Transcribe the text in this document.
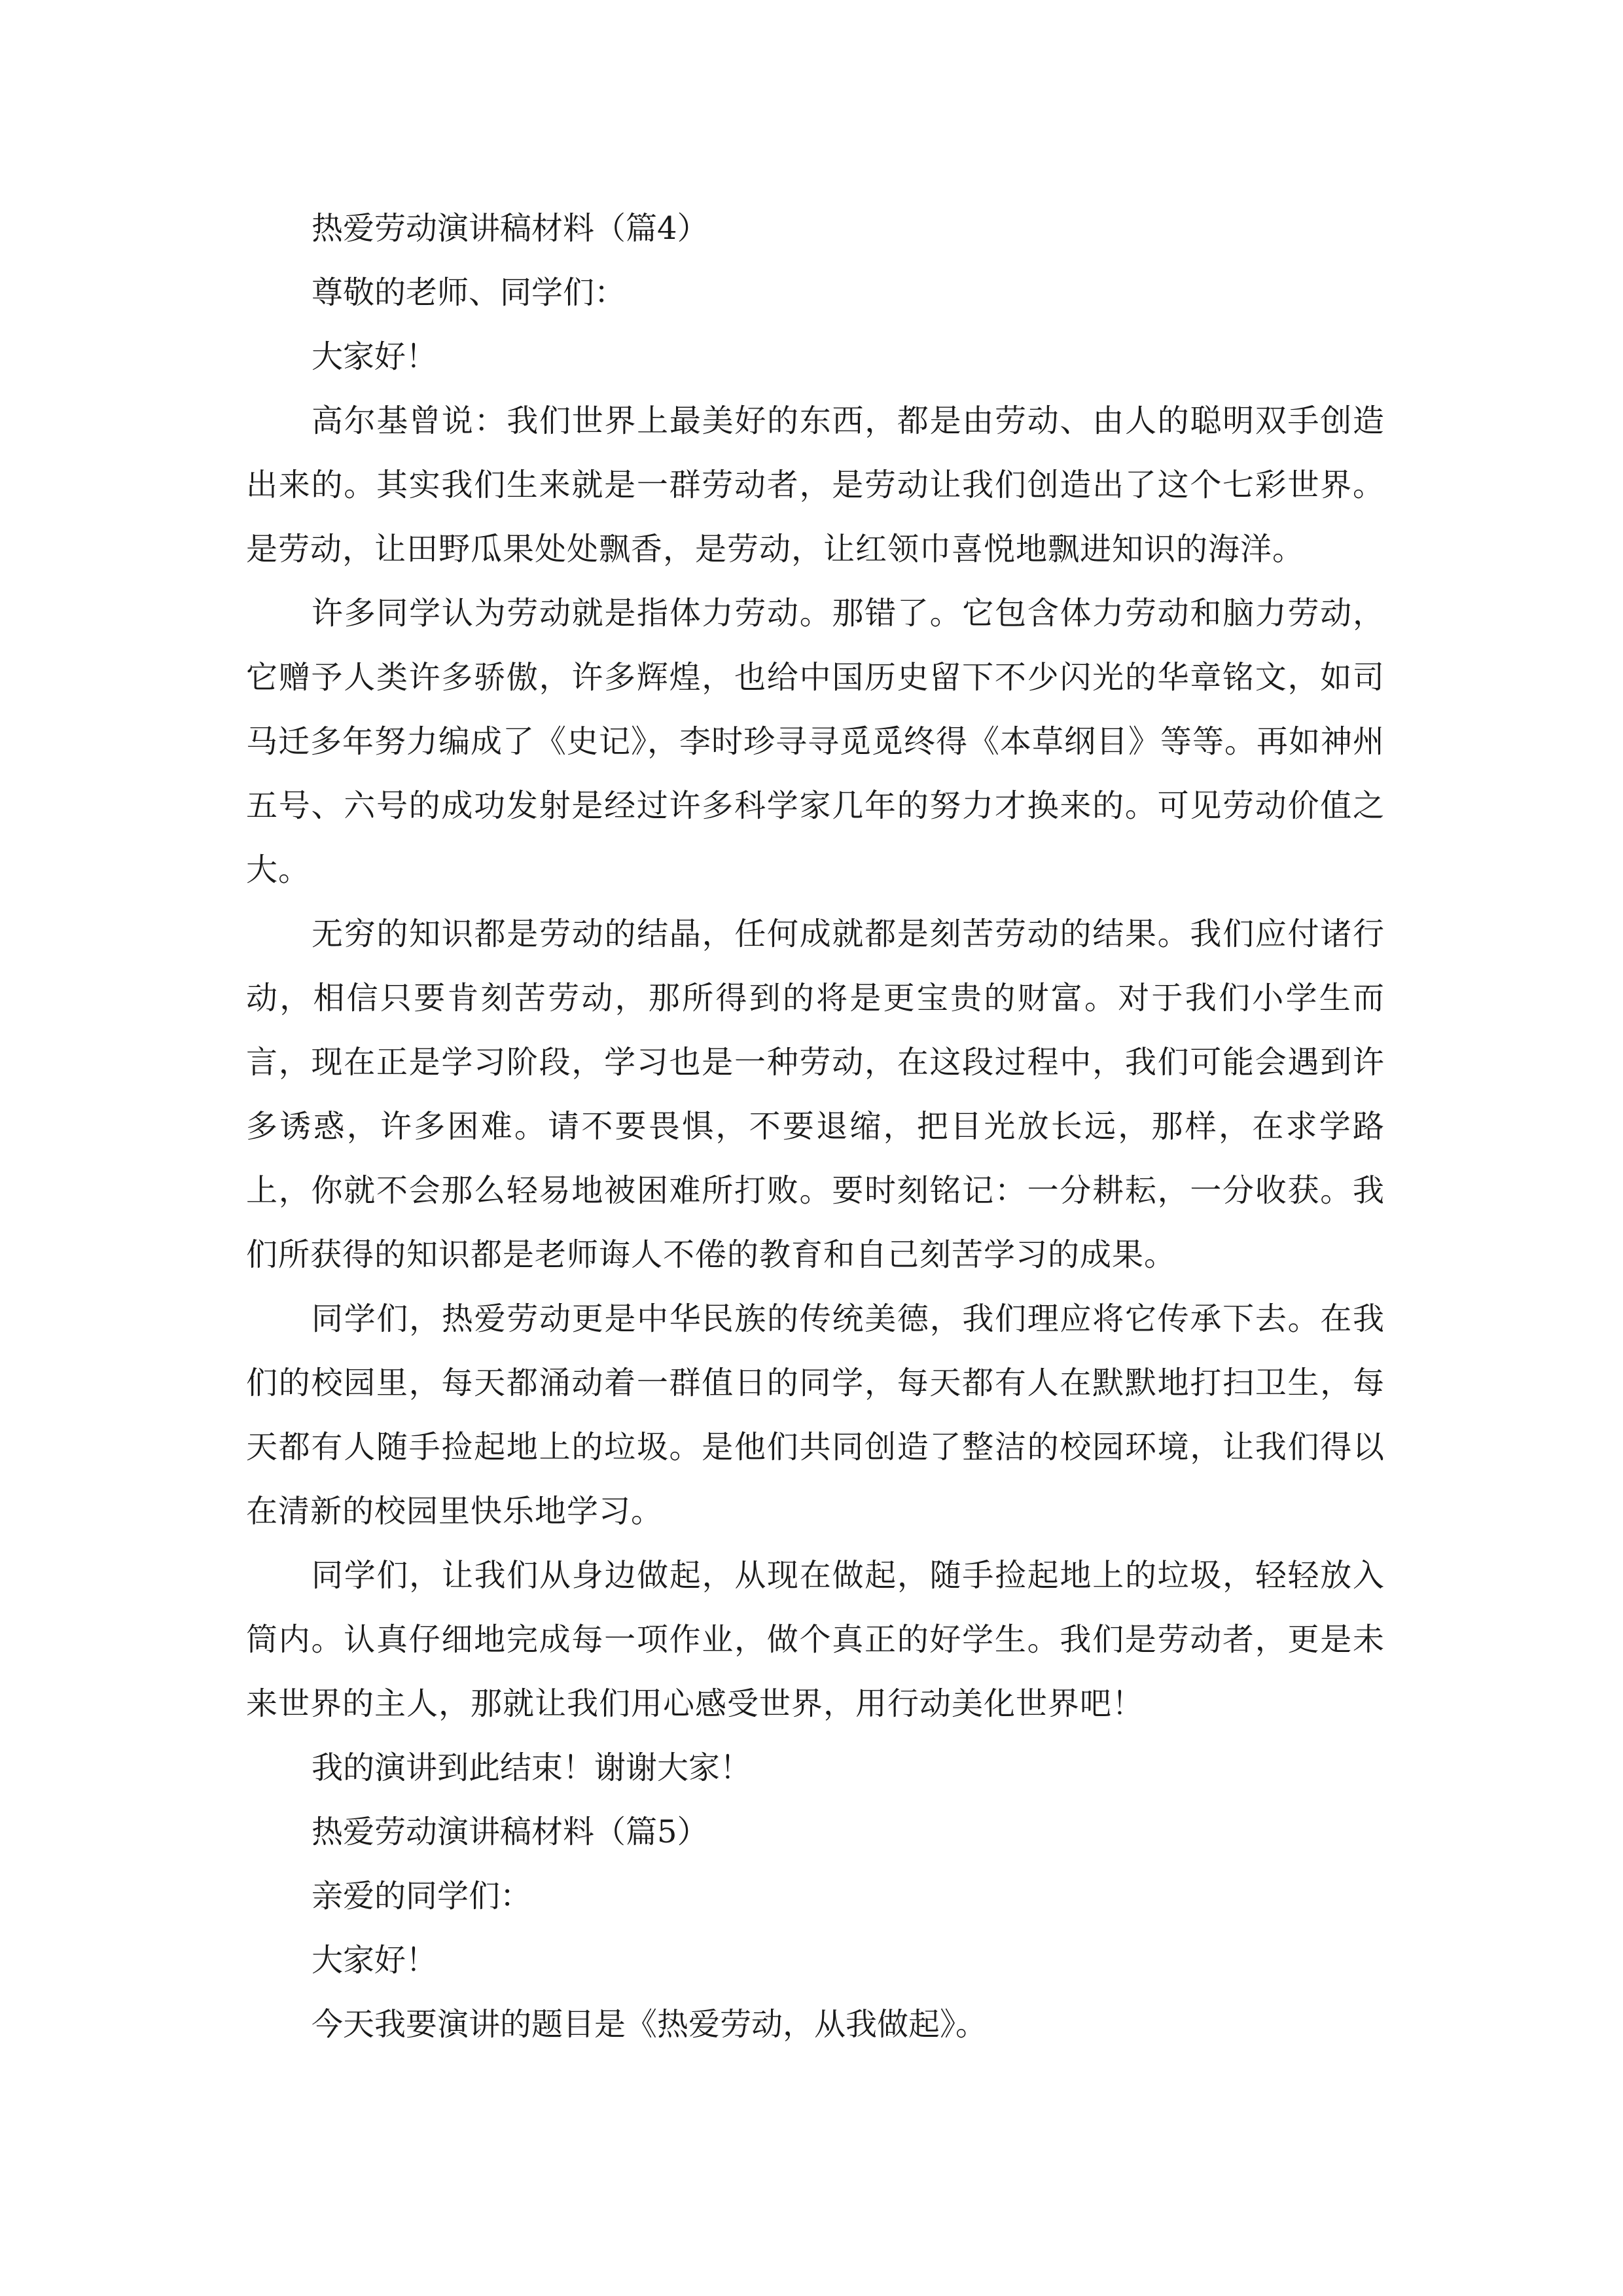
热爱劳动演讲稿材料（篇4）

尊敬的老师、同学们：

大家好！

高尔基曾说：我们世界上最美好的东西，都是由劳动、由人的聪明双手创造出来的。其实我们生来就是一群劳动者，是劳动让我们创造出了这个七彩世界。是劳动，让田野瓜果处处飘香，是劳动，让红领巾喜悦地飘进知识的海洋。

许多同学认为劳动就是指体力劳动。那错了。它包含体力劳动和脑力劳动，它赠予人类许多骄傲，许多辉煌，也给中国历史留下不少闪光的华章铭文，如司马迁多年努力编成了《史记》，李时珍寻寻觅觅终得《本草纲目》等等。再如神州五号、六号的成功发射是经过许多科学家几年的努力才换来的。可见劳动价值之大。

无穷的知识都是劳动的结晶，任何成就都是刻苦劳动的结果。我们应付诸行动，相信只要肯刻苦劳动，那所得到的将是更宝贵的财富。对于我们小学生而言，现在正是学习阶段，学习也是一种劳动，在这段过程中，我们可能会遇到许多诱惑，许多困难。请不要畏惧，不要退缩，把目光放长远，那样，在求学路上，你就不会那么轻易地被困难所打败。要时刻铭记：一分耕耘，一分收获。我们所获得的知识都是老师诲人不倦的教育和自己刻苦学习的成果。

同学们，热爱劳动更是中华民族的传统美德，我们理应将它传承下去。在我们的校园里，每天都涌动着一群值日的同学，每天都有人在默默地打扫卫生，每天都有人随手捡起地上的垃圾。是他们共同创造了整洁的校园环境，让我们得以在清新的校园里快乐地学习。

同学们，让我们从身边做起，从现在做起，随手捡起地上的垃圾，轻轻放入筒内。认真仔细地完成每一项作业，做个真正的好学生。我们是劳动者，更是未来世界的主人，那就让我们用心感受世界，用行动美化世界吧！

我的演讲到此结束！谢谢大家！

热爱劳动演讲稿材料（篇5）

亲爱的同学们：

大家好！

今天我要演讲的题目是《热爱劳动，从我做起》。
